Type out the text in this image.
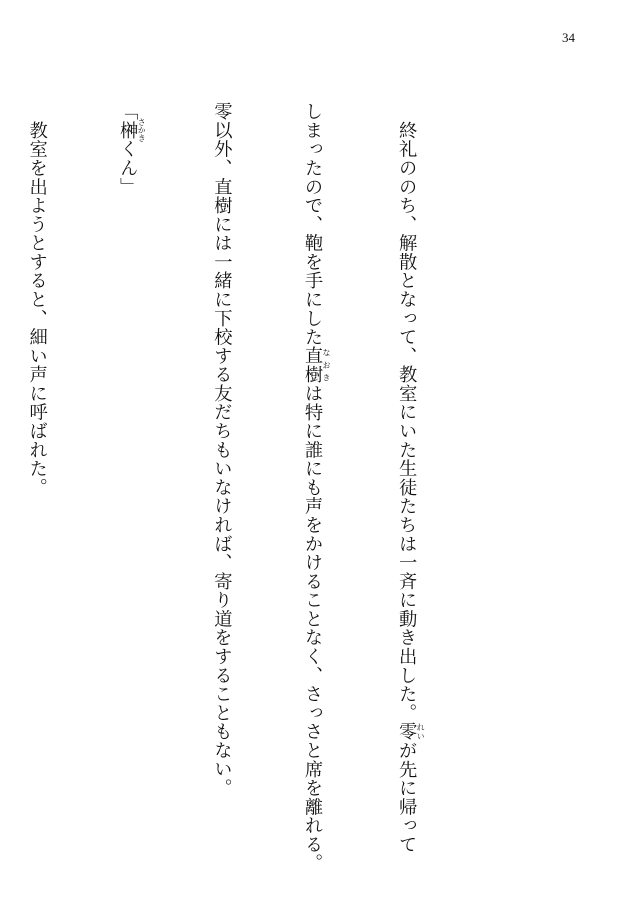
34

　終礼ののち、解散となって、教室にいた生徒たちは一斉に動き出した。零 れいが先に帰って

しまったので、鞄を手にした直樹 なおきは特に誰にも声をかけることなく、さっさと席を離れる。

零以外、直樹には一緒に下校する友だちもいなければ、寄り道をすることもない。

「榊 さかきくん」

　教室を出ようとすると、細い声に呼ばれた。
